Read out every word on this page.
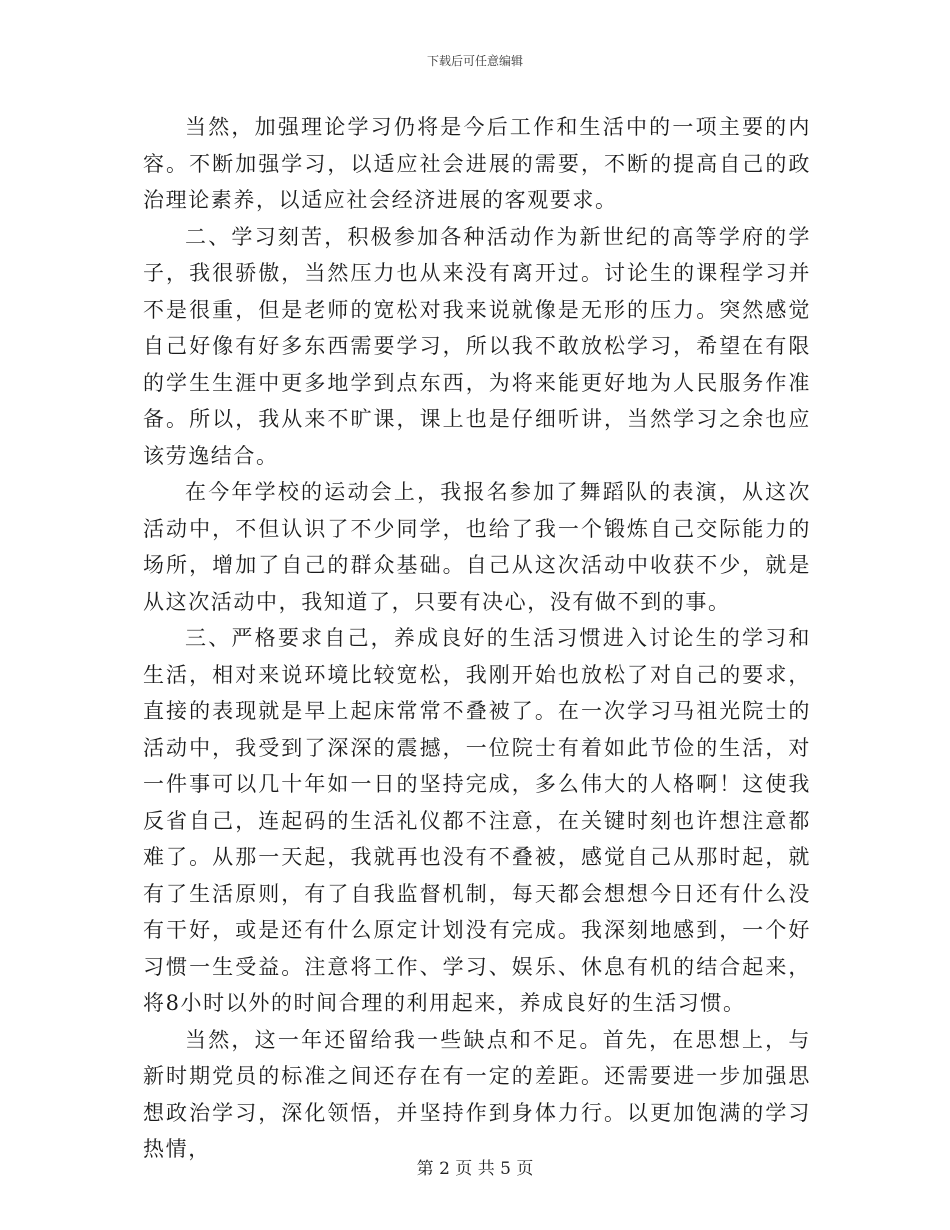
下载后可任意编辑

当然，加强理论学习仍将是今后工作和生活中的一项主要的内容。不断加强学习，以适应社会进展的需要，不断的提高自己的政治理论素养，以适应社会经济进展的客观要求。

二、学习刻苦，积极参加各种活动作为新世纪的高等学府的学子，我很骄傲，当然压力也从来没有离开过。讨论生的课程学习并不是很重，但是老师的宽松对我来说就像是无形的压力。突然感觉自己好像有好多东西需要学习，所以我不敢放松学习，希望在有限的学生生涯中更多地学到点东西，为将来能更好地为人民服务作准备。所以，我从来不旷课，课上也是仔细听讲，当然学习之余也应该劳逸结合。

在今年学校的运动会上，我报名参加了舞蹈队的表演，从这次活动中，不但认识了不少同学，也给了我一个锻炼自己交际能力的场所，增加了自己的群众基础。自己从这次活动中收获不少，就是从这次活动中，我知道了，只要有决心，没有做不到的事。

三、严格要求自己，养成良好的生活习惯进入讨论生的学习和生活，相对来说环境比较宽松，我刚开始也放松了对自己的要求，直接的表现就是早上起床常常不叠被了。在一次学习马祖光院士的活动中，我受到了深深的震撼，一位院士有着如此节俭的生活，对一件事可以几十年如一日的坚持完成，多么伟大的人格啊！这使我反省自己，连起码的生活礼仪都不注意，在关键时刻也许想注意都难了。从那一天起，我就再也没有不叠被，感觉自己从那时起，就有了生活原则，有了自我监督机制，每天都会想想今日还有什么没有干好，或是还有什么原定计划没有完成。我深刻地感到，一个好习惯一生受益。注意将工作、学习、娱乐、休息有机的结合起来，将8小时以外的时间合理的利用起来，养成良好的生活习惯。

当然，这一年还留给我一些缺点和不足。首先，在思想上，与新时期党员的标准之间还存在有一定的差距。还需要进一步加强思想政治学习，深化领悟，并坚持作到身体力行。以更加饱满的学习热情，

第 2 页 共 5 页
